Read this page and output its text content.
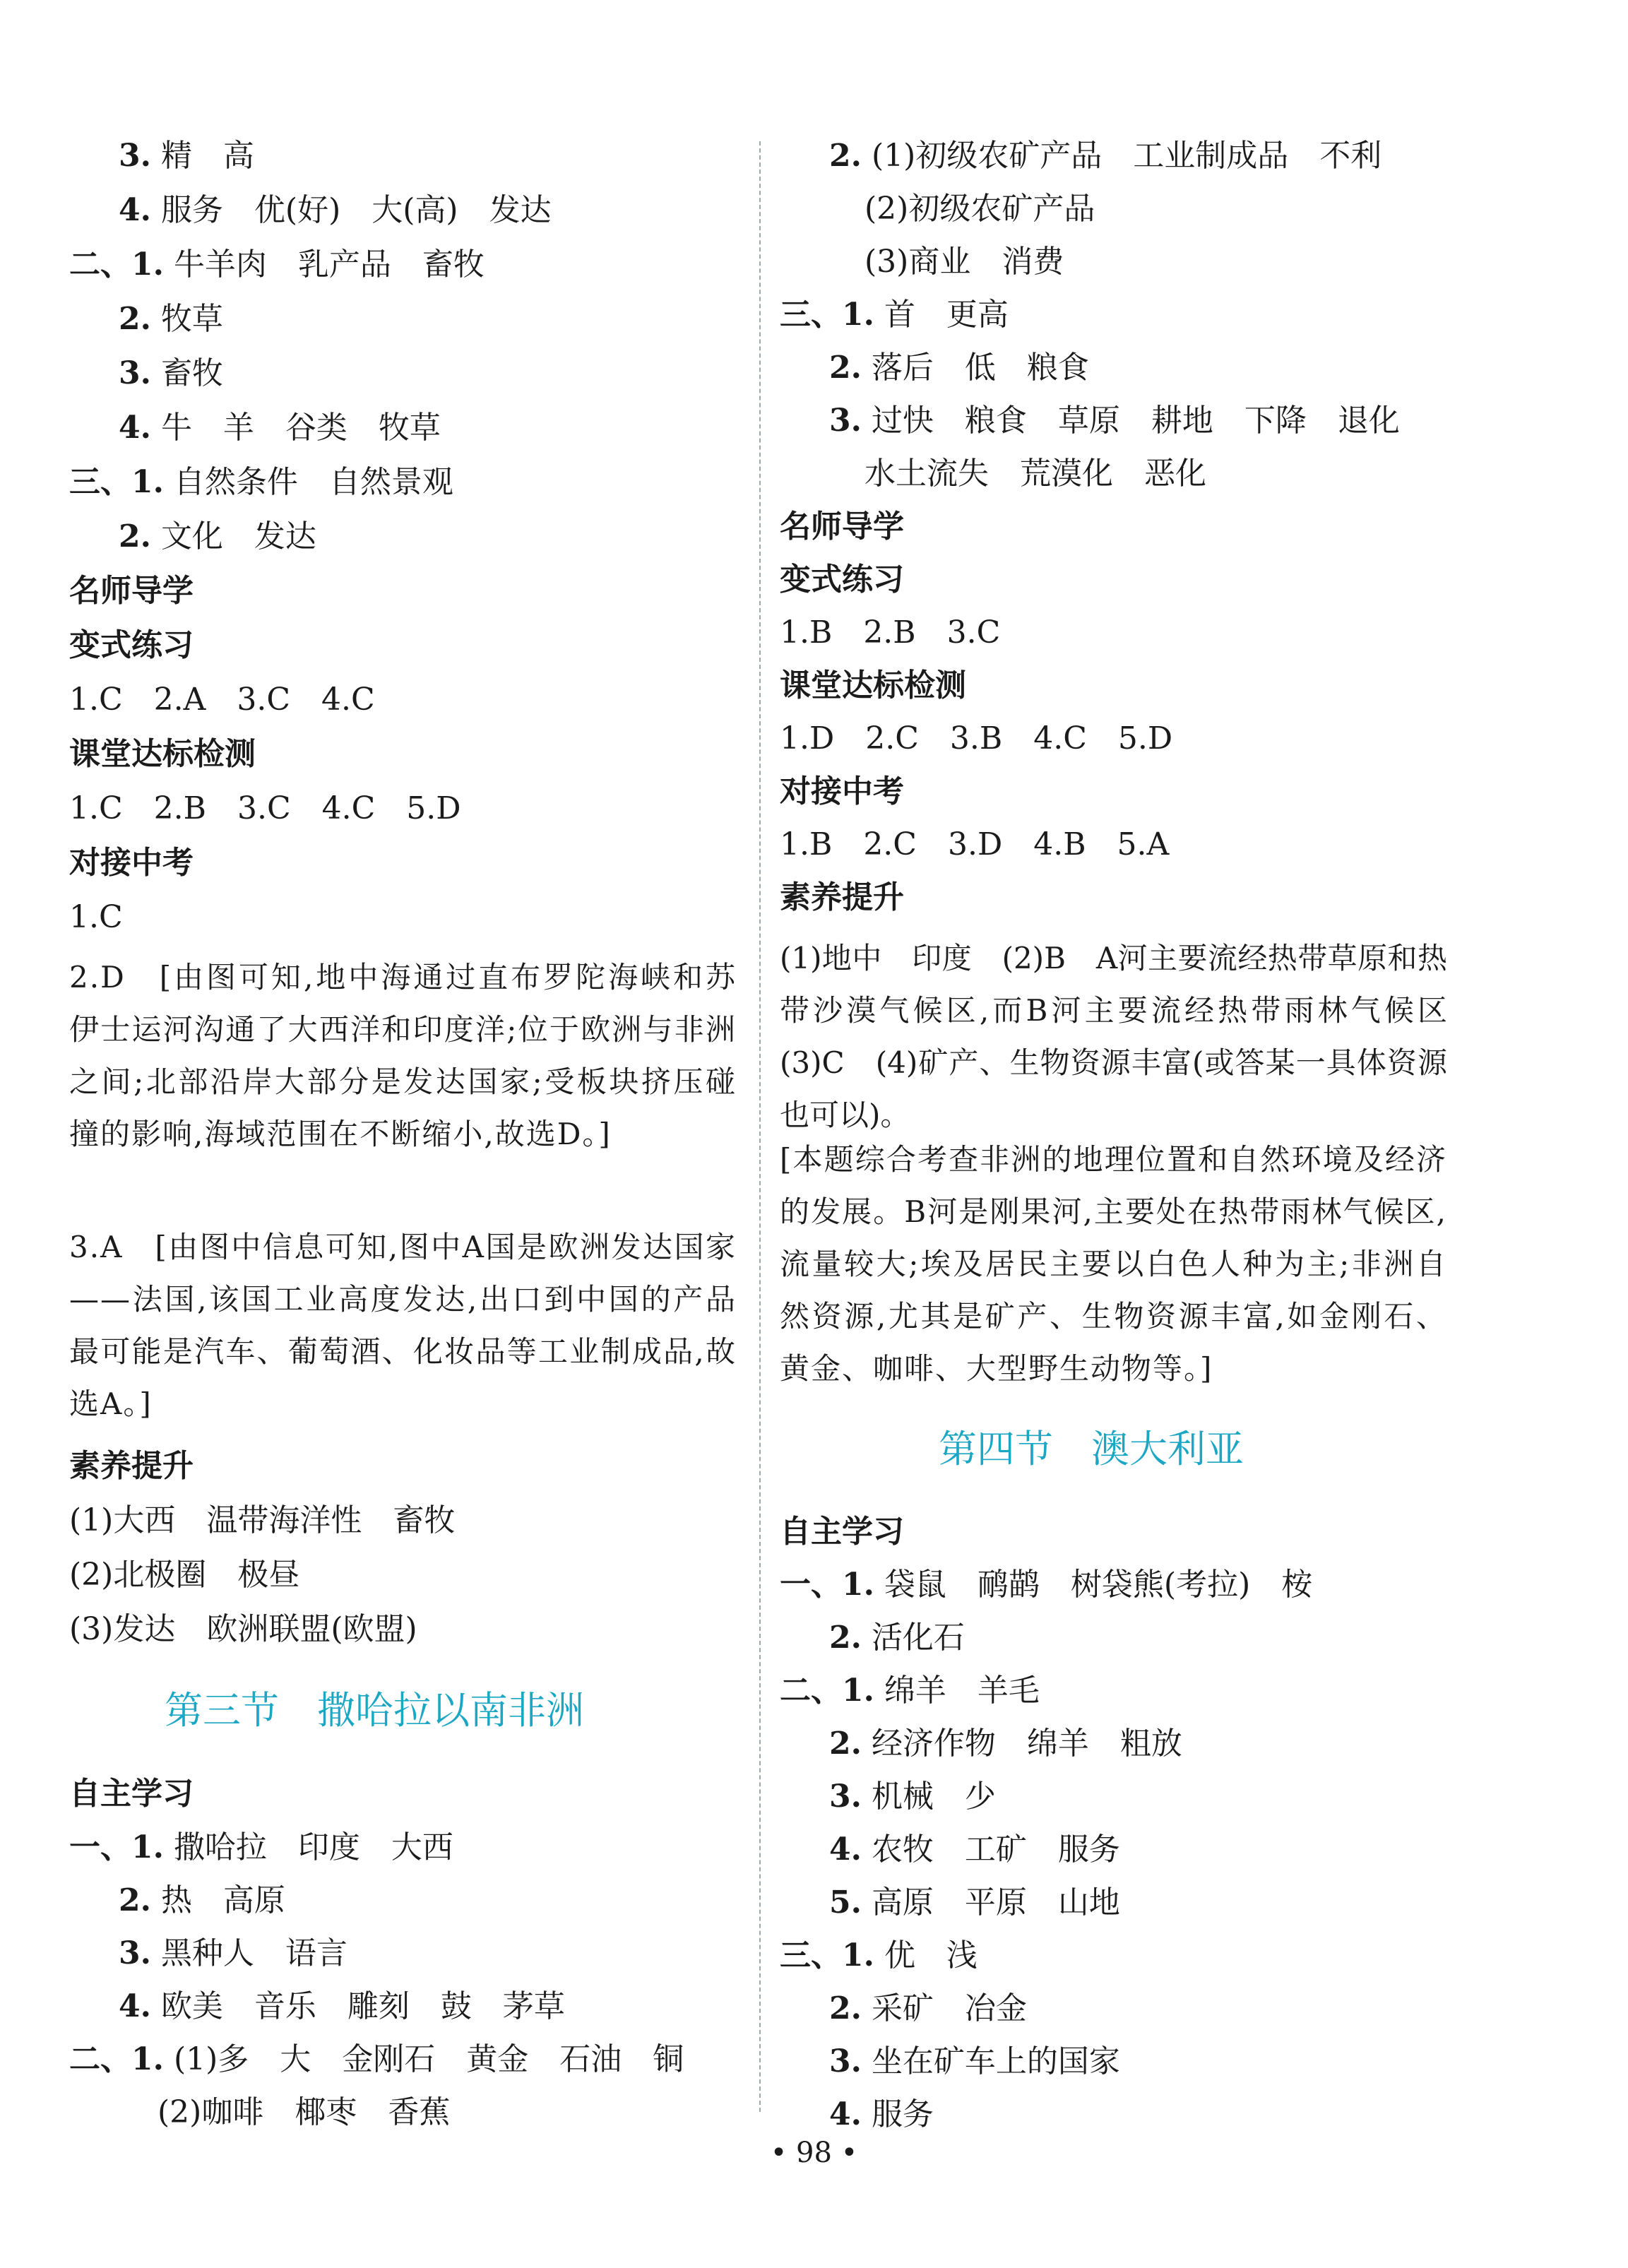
3. 精　高
4. 服务　优(好)　大(高)　发达
二、1. 牛羊肉　乳产品　畜牧
2. 牧草
3. 畜牧
4. 牛　羊　谷类　牧草
三、1. 自然条件　自然景观
2. 文化　发达
名师导学
变式练习
1.C　2.A　3.C　4.C
课堂达标检测
1.C　2.B　3.C　4.C　5.D
对接中考
1.C
2.D　[由图可知,地中海通过直布罗陀海峡和苏伊士运河沟通了大西洋和印度洋;位于欧洲与非洲之间;北部沿岸大部分是发达国家;受板块挤压碰撞的影响,海域范围在不断缩小,故选D。]
3.A　[由图中信息可知,图中A国是欧洲发达国家——法国,该国工业高度发达,出口到中国的产品最可能是汽车、葡萄酒、化妆品等工业制成品,故选A。]
素养提升
(1)大西　温带海洋性　畜牧
(2)北极圈　极昼
(3)发达　欧洲联盟(欧盟)
第三节　撒哈拉以南非洲
自主学习
一、1. 撒哈拉　印度　大西
2. 热　高原
3. 黑种人　语言
4. 欧美　音乐　雕刻　鼓　茅草
二、1. (1)多　大　金刚石　黄金　石油　铜
(2)咖啡　椰枣　香蕉
2. (1)初级农矿产品　工业制成品　不利
(2)初级农矿产品
(3)商业　消费
三、1. 首　更高
2. 落后　低　粮食
3. 过快　粮食　草原　耕地　下降　退化
水土流失　荒漠化　恶化
名师导学
变式练习
1.B　2.B　3.C
课堂达标检测
1.D　2.C　3.B　4.C　5.D
对接中考
1.B　2.C　3.D　4.B　5.A
素养提升
(1)地中　印度　(2)B　A河主要流经热带草原和热带沙漠气候区,而B河主要流经热带雨林气候区　(3)C　(4)矿产、生物资源丰富(或答某一具体资源也可以)。
[本题综合考查非洲的地理位置和自然环境及经济的发展。B河是刚果河,主要处在热带雨林气候区,流量较大;埃及居民主要以白色人种为主;非洲自然资源,尤其是矿产、生物资源丰富,如金刚石、黄金、咖啡、大型野生动物等。]
第四节　澳大利亚
自主学习
一、1. 袋鼠　鸸鹋　树袋熊(考拉)　桉
2. 活化石
二、1. 绵羊　羊毛
2. 经济作物　绵羊　粗放
3. 机械　少
4. 农牧　工矿　服务
5. 高原　平原　山地
三、1. 优　浅
2. 采矿　冶金
3. 坐在矿车上的国家
4. 服务
• 98 •
